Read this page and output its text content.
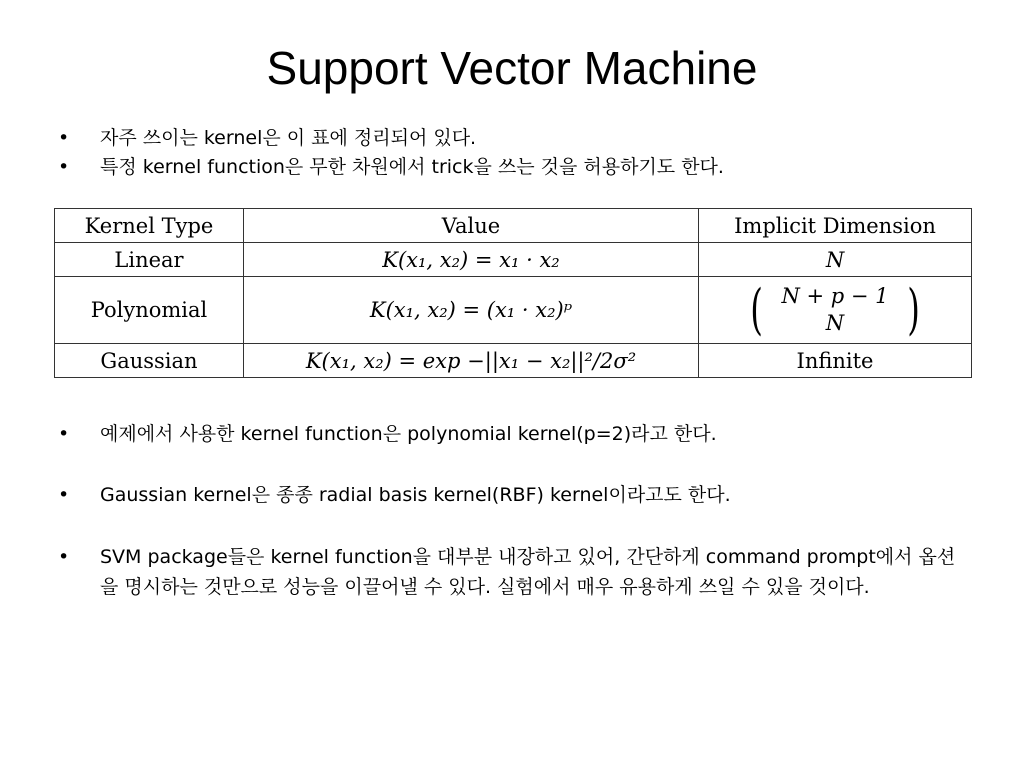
Support Vector Machine
• 자주 쓰이는 kernel은 이 표에 정리되어 있다.
• 특정 kernel function은 무한 차원에서 trick을 쓰는 것을 허용하기도 한다.
Kernel Type	Value	Implicit Dimension
Linear	K(x₁, x₂) = x₁ · x₂	N
Polynomial	K(x₁, x₂) = (x₁ · x₂)ᵖ	( N + p − 1
N )

Gaussian	K(x₁, x₂) = exp −||x₁ − x₂||²/2σ²	Infinite
• 예제에서 사용한 kernel function은 polynomial kernel(p=2)라고 한다.
• Gaussian kernel은 종종 radial basis kernel(RBF) kernel이라고도 한다.
• SVM package들은 kernel function을 대부분 내장하고 있어, 간단하게 command prompt에서 옵션을 명시하는 것만으로 성능을 이끌어낼 수 있다. 실험에서 매우 유용하게 쓰일 수 있을 것이다.
